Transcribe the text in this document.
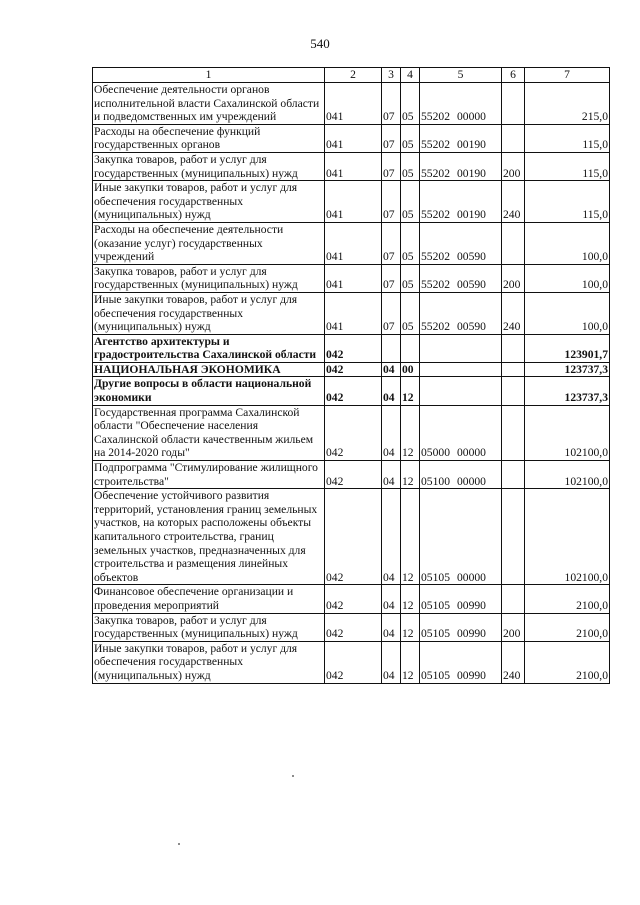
540
1	2	3	4	5	6	7
Обеспечение деятельности органов исполнительной власти Сахалинской области и подведомственных им учреждений	041	07	05	55202 00000		215,0
Расходы на обеспечение функций государственных органов	041	07	05	55202 00190		115,0
Закупка товаров, работ и услуг для государственных (муниципальных) нужд	041	07	05	55202 00190	200	115,0
Иные закупки товаров, работ и услуг для обеспечения государственных (муниципальных) нужд	041	07	05	55202 00190	240	115,0
Расходы на обеспечение деятельности (оказание услуг) государственных учреждений	041	07	05	55202 00590		100,0
Закупка товаров, работ и услуг для государственных (муниципальных) нужд	041	07	05	55202 00590	200	100,0
Иные закупки товаров, работ и услуг для обеспечения государственных (муниципальных) нужд	041	07	05	55202 00590	240	100,0
Агентство архитектуры и градостроительства Сахалинской области	042					123901,7
НАЦИОНАЛЬНАЯ ЭКОНОМИКА	042	04	00			123737,3
Другие вопросы в области национальной экономики	042	04	12			123737,3
Государственная программа Сахалинской области "Обеспечение населения Сахалинской области качественным жильем на 2014-2020 годы"	042	04	12	05000 00000		102100,0
Подпрограмма "Стимулирование жилищного строительства"	042	04	12	05100 00000		102100,0
Обеспечение устойчивого развития территорий, установления границ земельных участков, на которых расположены объекты капитального строительства, границ земельных участков, предназначенных для строительства и размещения линейных объектов	042	04	12	05105 00000		102100,0
Финансовое обеспечение организации и проведения мероприятий	042	04	12	05105 00990		2100,0
Закупка товаров, работ и услуг для государственных (муниципальных) нужд	042	04	12	05105 00990	200	2100,0
Иные закупки товаров, работ и услуг для обеспечения государственных (муниципальных) нужд	042	04	12	05105 00990	240	2100,0
